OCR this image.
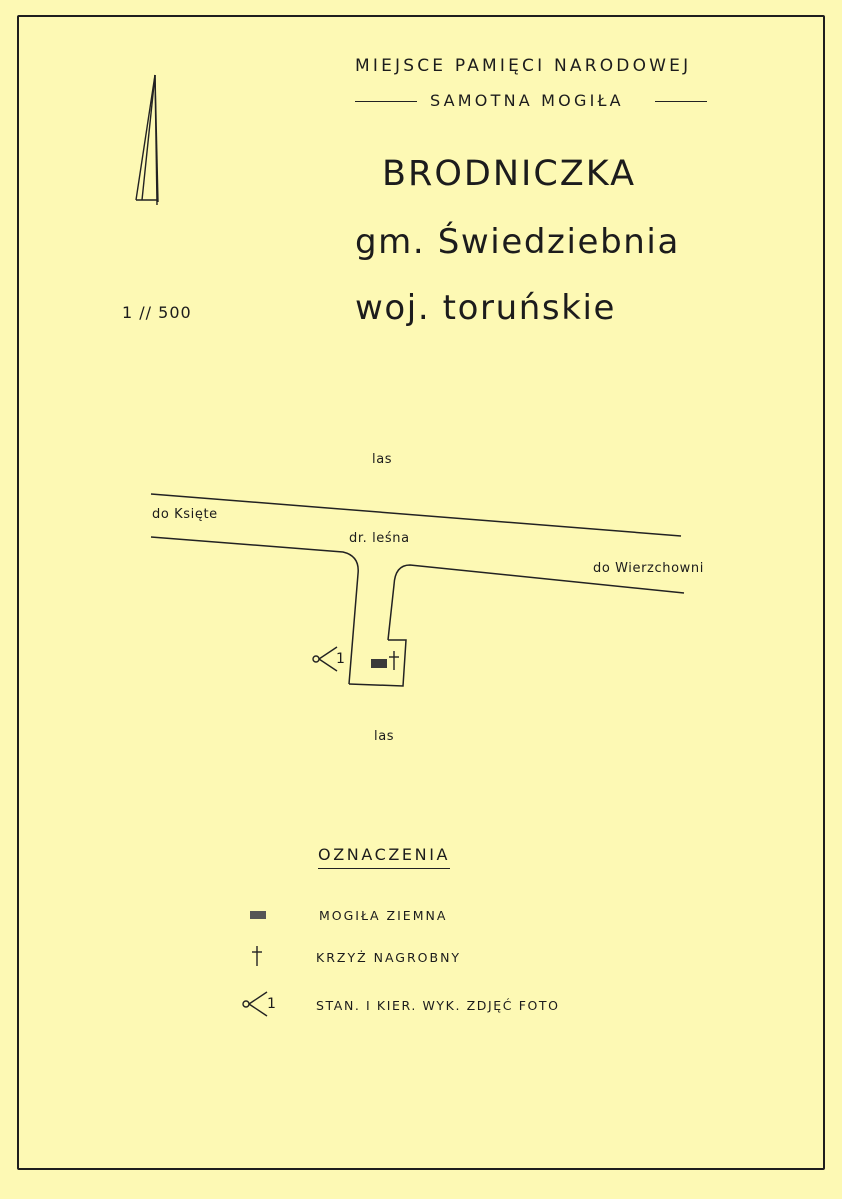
MIEJSCE PAMIĘCI NARODOWEJ
SAMOTNA MOGIŁA
BRODNICZKA
gm. Świedziebnia
woj. toruńskie
1 // 500
las
do Księte
dr. leśna
do Wierzchowni
1
las
OZNACZENIA
MOGIŁA ZIEMNA
KRZYŻ NAGROBNY
1	STAN. I KIER. WYK. ZDJĘĆ FOTO
